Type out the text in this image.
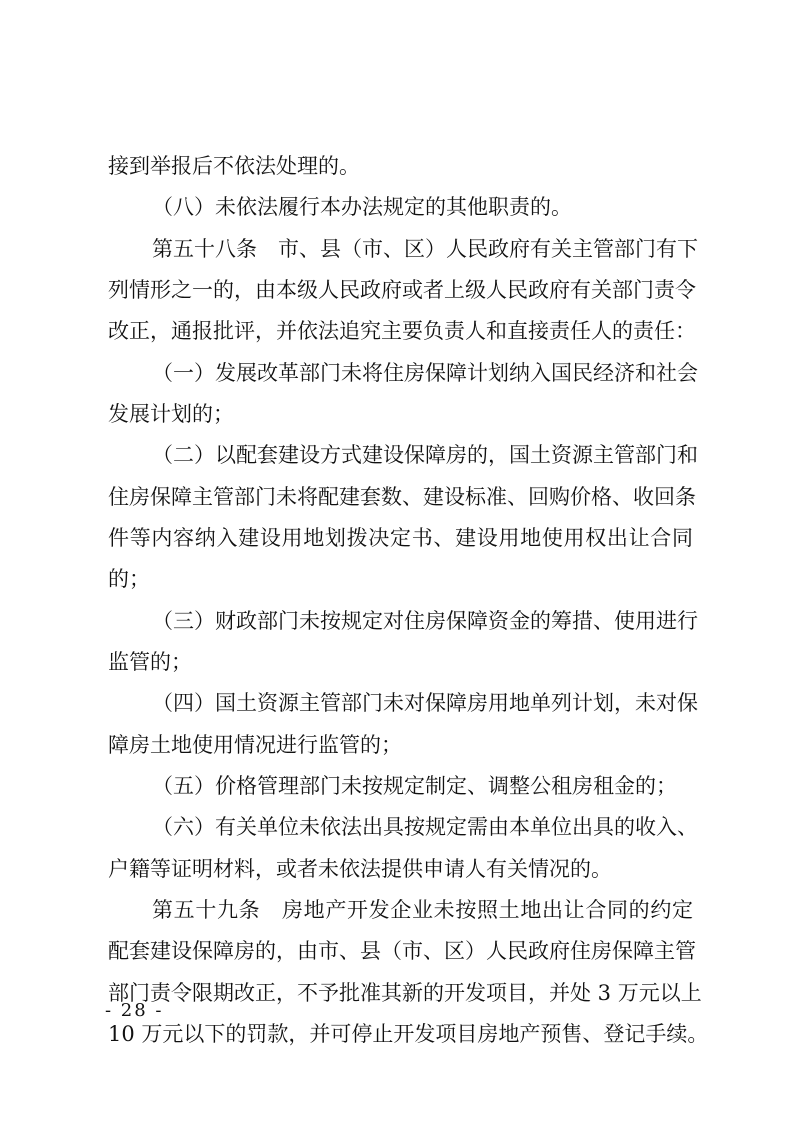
接到举报后不依法处理的。
（八）未依法履行本办法规定的其他职责的。
第五十八条　市、县（市、区）人民政府有关主管部门有下
列情形之一的，由本级人民政府或者上级人民政府有关部门责令
改正，通报批评，并依法追究主要负责人和直接责任人的责任：
（一）发展改革部门未将住房保障计划纳入国民经济和社会
发展计划的；
（二）以配套建设方式建设保障房的，国土资源主管部门和
住房保障主管部门未将配建套数、建设标准、回购价格、收回条
件等内容纳入建设用地划拨决定书、建设用地使用权出让合同
的；
（三）财政部门未按规定对住房保障资金的筹措、使用进行
监管的；
（四）国土资源主管部门未对保障房用地单列计划，未对保
障房土地使用情况进行监管的；
（五）价格管理部门未按规定制定、调整公租房租金的；
（六）有关单位未依法出具按规定需由本单位出具的收入、
户籍等证明材料，或者未依法提供申请人有关情况的。
第五十九条　房地产开发企业未按照土地出让合同的约定
配套建设保障房的，由市、县（市、区）人民政府住房保障主管
部门责令限期改正，不予批准其新的开发项目，并处 3 万元以上
10 万元以下的罚款，并可停止开发项目房地产预售、登记手续。
- 28 -
